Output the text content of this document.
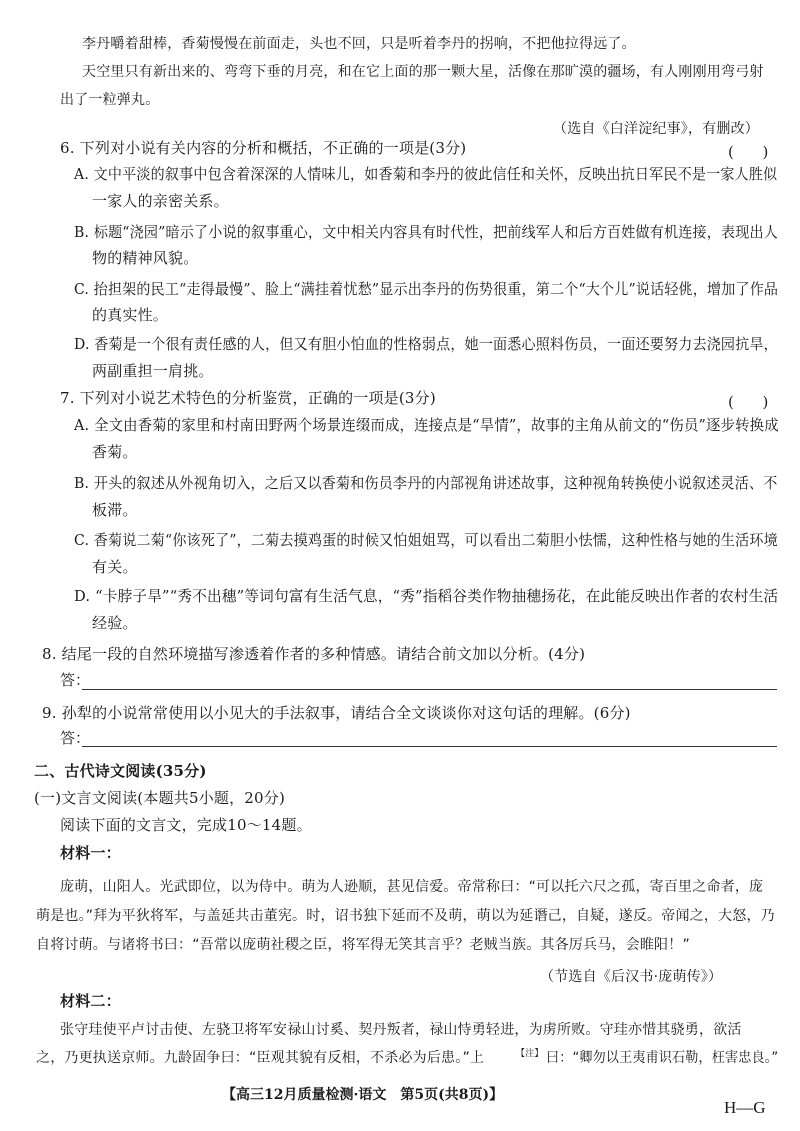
李丹嚼着甜棒，香菊慢慢在前面走，头也不回，只是听着李丹的拐响，不把他拉得远了。
天空里只有新出来的、弯弯下垂的月亮，和在它上面的那一颗大星，活像在那旷漠的疆场，有人刚刚用弯弓射
出了一粒弹丸。
（选自《白洋淀纪事》，有删改）
6. 下列对小说有关内容的分析和概括，不正确的一项是(3分)	(      )
A. 文中平淡的叙事中包含着深深的人情味儿，如香菊和李丹的彼此信任和关怀，反映出抗日军民不是一家人胜似
一家人的亲密关系。
B. 标题“浇园”暗示了小说的叙事重心，文中相关内容具有时代性，把前线军人和后方百姓做有机连接，表现出人
物的精神风貌。
C. 抬担架的民工“走得最慢”、脸上“满挂着忧愁”显示出李丹的伤势很重，第二个“大个儿”说话轻佻，增加了作品
的真实性。
D. 香菊是一个很有责任感的人，但又有胆小怕血的性格弱点，她一面悉心照料伤员，一面还要努力去浇园抗旱，
两副重担一肩挑。
7. 下列对小说艺术特色的分析鉴赏，正确的一项是(3分)	(      )
A. 全文由香菊的家里和村南田野两个场景连缀而成，连接点是“旱情”，故事的主角从前文的“伤员”逐步转换成
香菊。
B. 开头的叙述从外视角切入，之后又以香菊和伤员李丹的内部视角讲述故事，这种视角转换使小说叙述灵活、不
板滞。
C. 香菊说二菊“你该死了”，二菊去摸鸡蛋的时候又怕姐姐骂，可以看出二菊胆小怯懦，这种性格与她的生活环境
有关。
D. “卡脖子旱”“秀不出穗”等词句富有生活气息，“秀”指稻谷类作物抽穗扬花，在此能反映出作者的农村生活
经验。
8. 结尾一段的自然环境描写渗透着作者的多种情感。请结合前文加以分析。(4分)
答：
9. 孙犁的小说常常使用以小见大的手法叙事，请结合全文谈谈你对这句话的理解。(6分)
答：
二、古代诗文阅读(35分)
(一)文言文阅读(本题共5小题，20分)
阅读下面的文言文，完成10～14题。
材料一：
庞萌，山阳人。光武即位，以为侍中。萌为人逊顺，甚见信爱。帝常称曰：“可以托六尺之孤，寄百里之命者，庞
萌是也。”拜为平狄将军，与盖延共击董宪。时，诏书独下延而不及萌，萌以为延谮己，自疑，遂反。帝闻之，大怒，乃
自将讨萌。与诸将书曰：“吾常以庞萌社稷之臣，将军得无笑其言乎？老贼当族。其各厉兵马，会睢阳！”
（节选自《后汉书·庞萌传》）
材料二：
张守珪使平卢讨击使、左骁卫将军安禄山讨奚、契丹叛者，禄山恃勇轻进，为虏所败。守珪亦惜其骁勇，欲活
之，乃更执送京师。九龄固争曰：“臣观其貌有反相，不杀必为后患。”上	【注】 曰：“卿勿以王夷甫识石勒，枉害忠良。”
【高三12月质量检测·语文　第5页(共8页)】
H—G
